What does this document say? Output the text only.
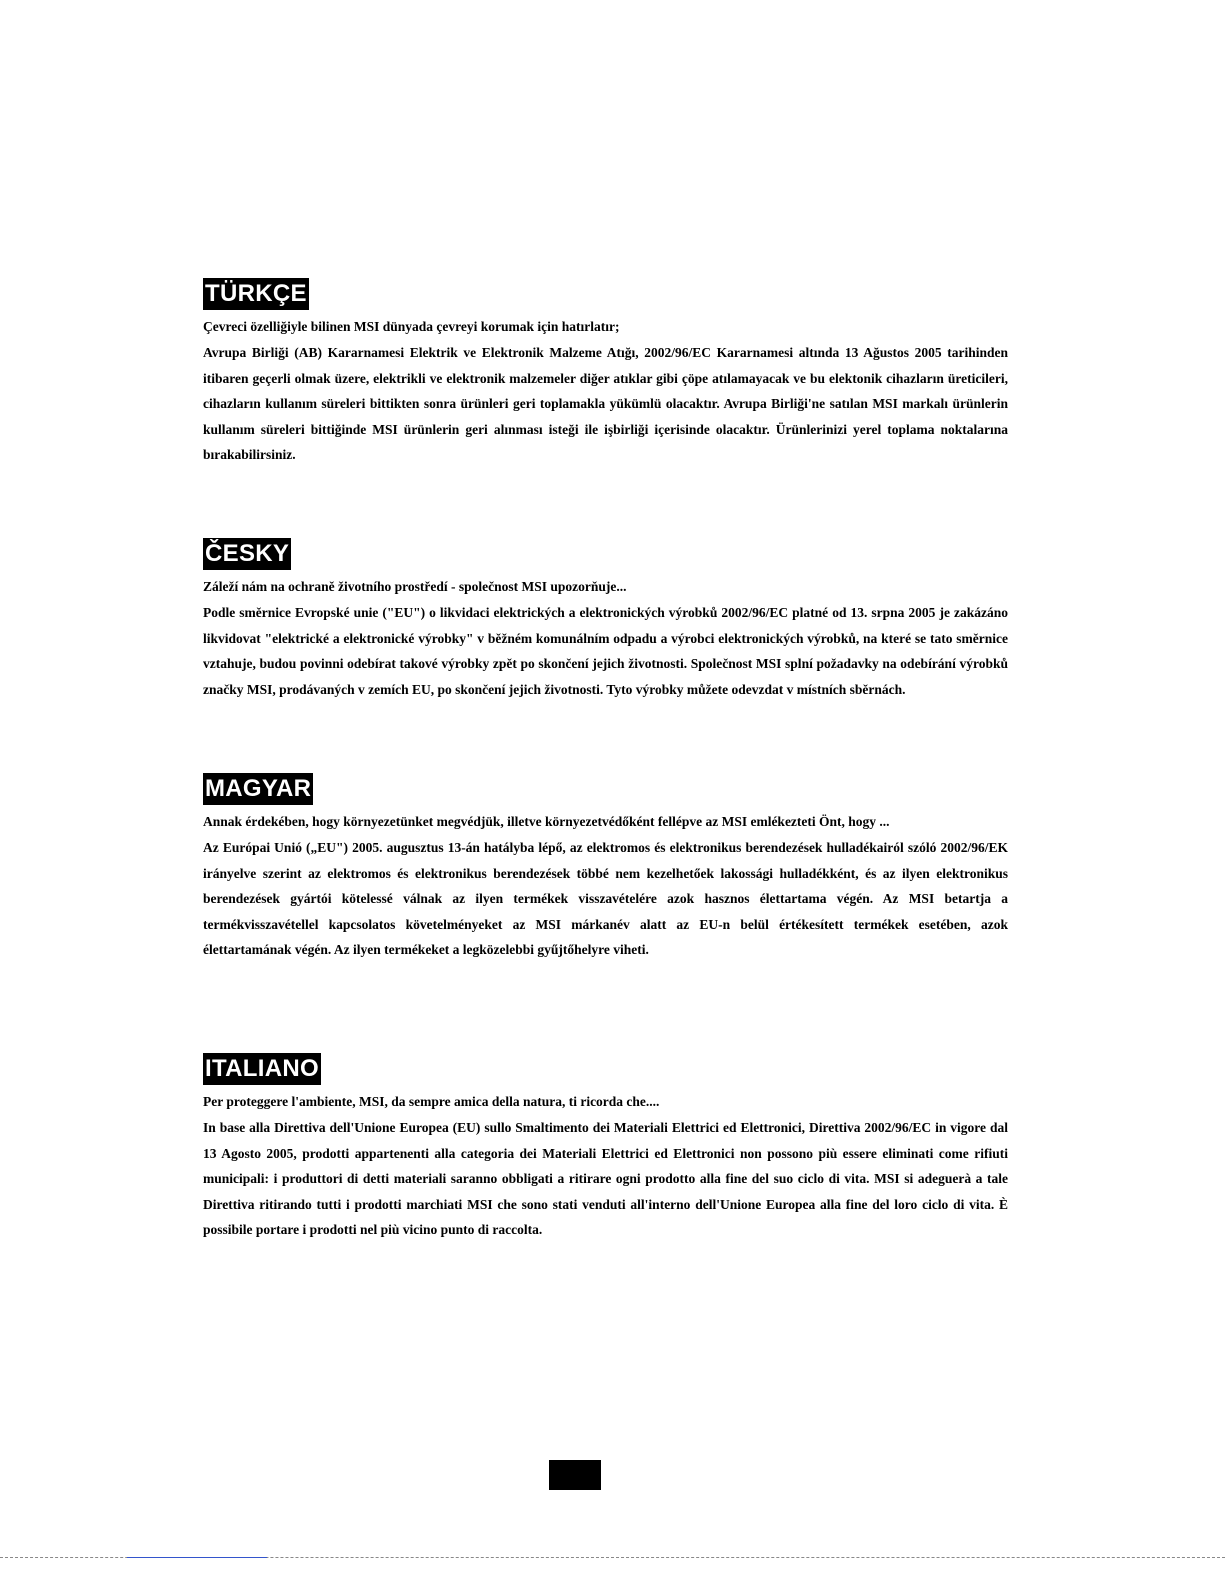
TÜRKÇE

Çevreci özelliğiyle bilinen MSI dünyada çevreyi korumak için hatırlatır;

Avrupa Birliği (AB) Kararnamesi Elektrik ve Elektronik Malzeme Atığı, 2002/96/EC Kararnamesi altında 13 Ağustos 2005 tarihinden itibaren geçerli olmak üzere, elektrikli ve elektronik malzemeler diğer atıklar gibi çöpe atılamayacak ve bu elektonik cihazların üreticileri, cihazların kullanım süreleri bittikten sonra ürünleri geri toplamakla yükümlü olacaktır. Avrupa Birliği'ne satılan MSI markalı ürünlerin kullanım süreleri bittiğinde MSI ürünlerin geri alınması isteği ile işbirliği içerisinde olacaktır. Ürünlerinizi yerel toplama noktalarına bırakabilirsiniz.

ČESKY

Záleží nám na ochraně životního prostředí - společnost MSI upozorňuje...

Podle směrnice Evropské unie ("EU") o likvidaci elektrických a elektronických výrobků 2002/96/EC platné od 13. srpna 2005 je zakázáno likvidovat "elektrické a elektronické výrobky" v běžném komunálním odpadu a výrobci elektronických výrobků, na které se tato směrnice vztahuje, budou povinni odebírat takové výrobky zpět po skončení jejich životnosti. Společnost MSI splní požadavky na odebírání výrobků značky MSI, prodávaných v zemích EU, po skončení jejich životnosti. Tyto výrobky můžete odevzdat v místních sběrnách.

MAGYAR

Annak érdekében, hogy környezetünket megvédjük, illetve környezetvédőként fellépve az MSI emlékezteti Önt, hogy ...

Az Európai Unió („EU") 2005. augusztus 13-án hatályba lépő, az elektromos és elektronikus berendezések hulladékairól szóló 2002/96/EK irányelve szerint az elektromos és elektronikus berendezések többé nem kezelhetőek lakossági hulladékként, és az ilyen elektronikus berendezések gyártói kötelessé válnak az ilyen termékek visszavételére azok hasznos élettartama végén. Az MSI betartja a termékvisszavétellel kapcsolatos követelményeket az MSI márkanév alatt az EU-n belül értékesített termékek esetében, azok élettartamának végén. Az ilyen termékeket a legközelebbi gyűjtőhelyre viheti.

ITALIANO

Per proteggere l'ambiente, MSI, da sempre amica della natura, ti ricorda che....

In base alla Direttiva dell'Unione Europea (EU) sullo Smaltimento dei Materiali Elettrici ed Elettronici, Direttiva 2002/96/EC in vigore dal 13 Agosto 2005, prodotti appartenenti alla categoria dei Materiali Elettrici ed Elettronici non possono più essere eliminati come rifiuti municipali: i produttori di detti materiali saranno obbligati a ritirare ogni prodotto alla fine del suo ciclo di vita. MSI si adeguerà a tale Direttiva ritirando tutti i prodotti marchiati MSI che sono stati venduti all'interno dell'Unione Europea alla fine del loro ciclo di vita. È possibile portare i prodotti nel più vicino punto di raccolta.
